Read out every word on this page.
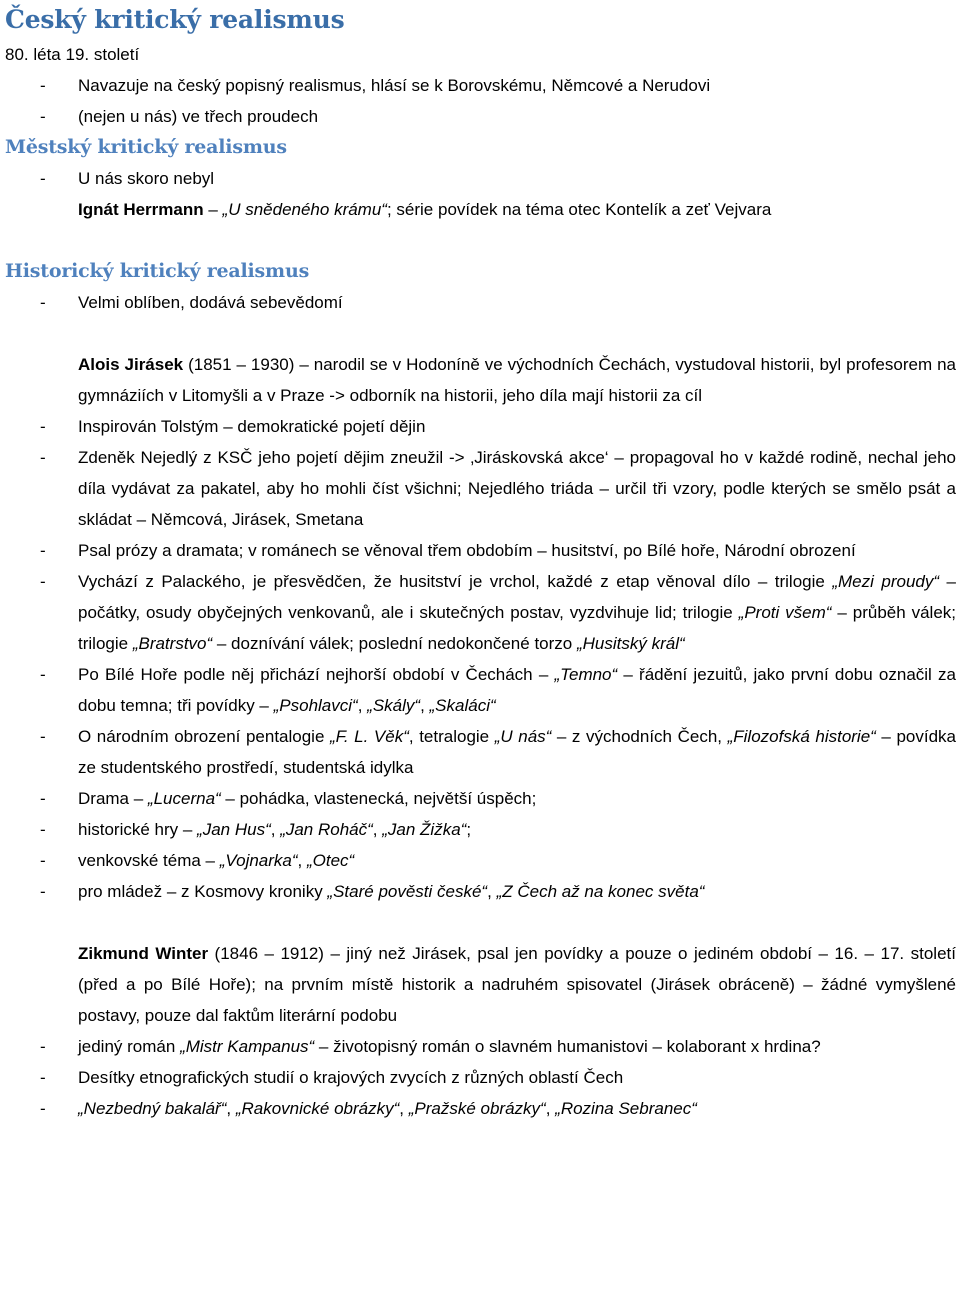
Český kritický realismus
80. léta 19. století
- Navazuje na český popisný realismus, hlásí se k Borovskému, Němcové a Nerudovi
- (nejen u nás) ve třech proudech
Městský kritický realismus
- U nás skoro nebyl
Ignát Herrmann – „U snědeného krámu“; série povídek na téma otec Kontelík a zeť Vejvara
Historický kritický realismus
- Velmi oblíben, dodává sebevědomí
Alois Jirásek (1851 – 1930) – narodil se v Hodoníně ve východních Čechách, vystudoval historii, byl profesorem na gymnáziích v Litomyšli a v Praze -> odborník na historii, jeho díla mají historii za cíl
- Inspirován Tolstým – demokratické pojetí dějin
- Zdeněk Nejedlý z KSČ jeho pojetí dějim zneužil -> ‚Jiráskovská akce‘ – propagoval ho v každé rodině, nechal jeho díla vydávat za pakatel, aby ho mohli číst všichni; Nejedlého triáda – určil tři vzory, podle kterých se smělo psát a skládat – Němcová, Jirásek, Smetana
- Psal prózy a dramata; v románech se věnoval třem obdobím – husitství, po Bílé hoře, Národní obrození
- Vychází z Palackého, je přesvědčen, že husitství je vrchol, každé z etap věnoval dílo – trilogie „Mezi proudy“ – počátky, osudy obyčejných venkovanů, ale i skutečných postav, vyzdvihuje lid; trilogie „Proti všem“ – průběh válek; trilogie „Bratrstvo“ – doznívání válek; poslední nedokončené torzo „Husitský král“
- Po Bílé Hoře podle něj přichází nejhorší období v Čechách – „Temno“ – řádění jezuitů, jako první dobu označil za dobu temna; tři povídky – „Psohlavci“, „Skály“, „Skaláci“
- O národním obrození pentalogie „F. L. Věk“, tetralogie „U nás“ – z východních Čech, „Filozofská historie“ – povídka ze studentského prostředí, studentská idylka
- Drama – „Lucerna“ – pohádka, vlastenecká, největší úspěch;
- historické hry – „Jan Hus“, „Jan Roháč“, „Jan Žižka“;
- venkovské téma – „Vojnarka“, „Otec“
- pro mládež – z Kosmovy kroniky „Staré pověsti české“, „Z Čech až na konec světa“
Zikmund Winter (1846 – 1912) – jiný než Jirásek, psal jen povídky a pouze o jediném období – 16. – 17. století (před a po Bílé Hoře); na prvním místě historik a nadruhém spisovatel (Jirásek obráceně) – žádné vymyšlené postavy, pouze dal faktům literární podobu
- jediný román „Mistr Kampanus“ – životopisný román o slavném humanistovi – kolaborant x hrdina?
- Desítky etnografických studií o krajových zvycích z různých oblastí Čech
- „Nezbedný bakalář“, „Rakovnické obrázky“, „Pražské obrázky“, „Rozina Sebranec“
